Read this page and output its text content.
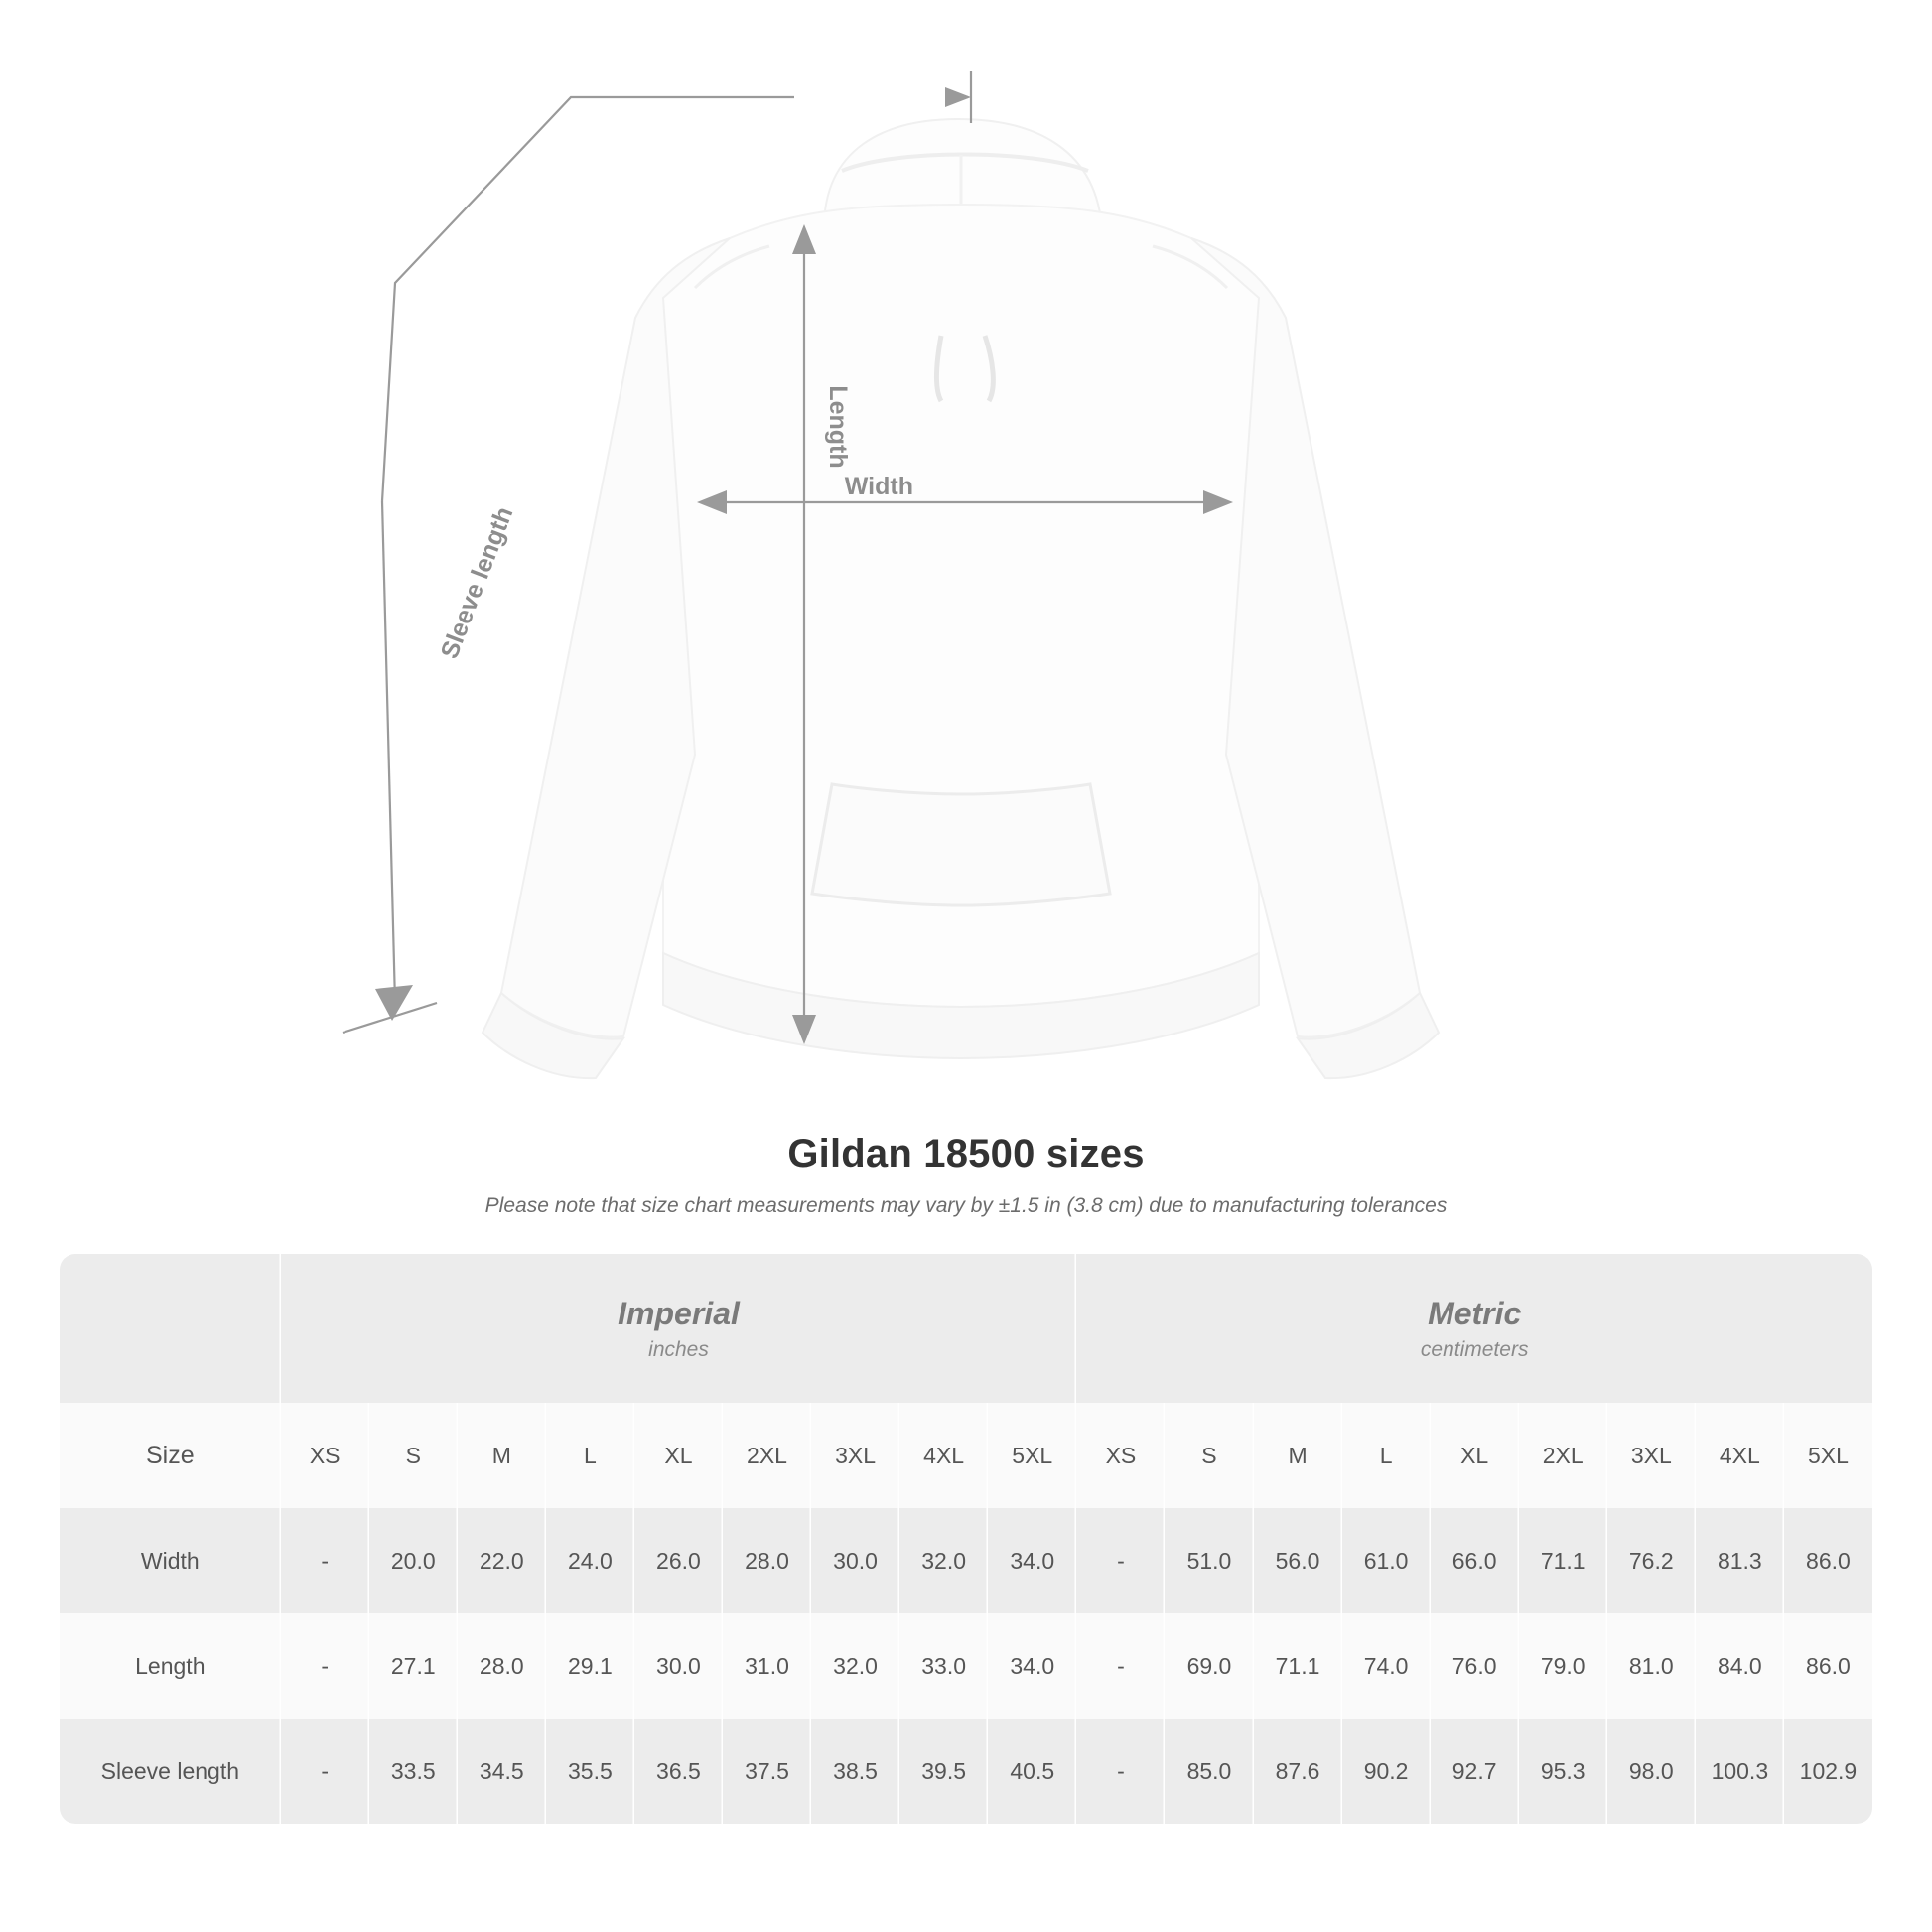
Sleeve length
Length
Width
Gildan 18500 sizes
Please note that size chart measurements may vary by ±1.5 in (3.8 cm) due to manufacturing tolerances

Imperial
inches

Metric
centimeters

Size	XS	S	M	L	XL	2XL	3XL	4XL	5XL	XS	S	M	L	XL	2XL	3XL	4XL	5XL
Width	-	20.0	22.0	24.0	26.0	28.0	30.0	32.0	34.0	-	51.0	56.0	61.0	66.0	71.1	76.2	81.3	86.0
Length	-	27.1	28.0	29.1	30.0	31.0	32.0	33.0	34.0	-	69.0	71.1	74.0	76.0	79.0	81.0	84.0	86.0
Sleeve length	-	33.5	34.5	35.5	36.5	37.5	38.5	39.5	40.5	-	85.0	87.6	90.2	92.7	95.3	98.0	100.3	102.9
